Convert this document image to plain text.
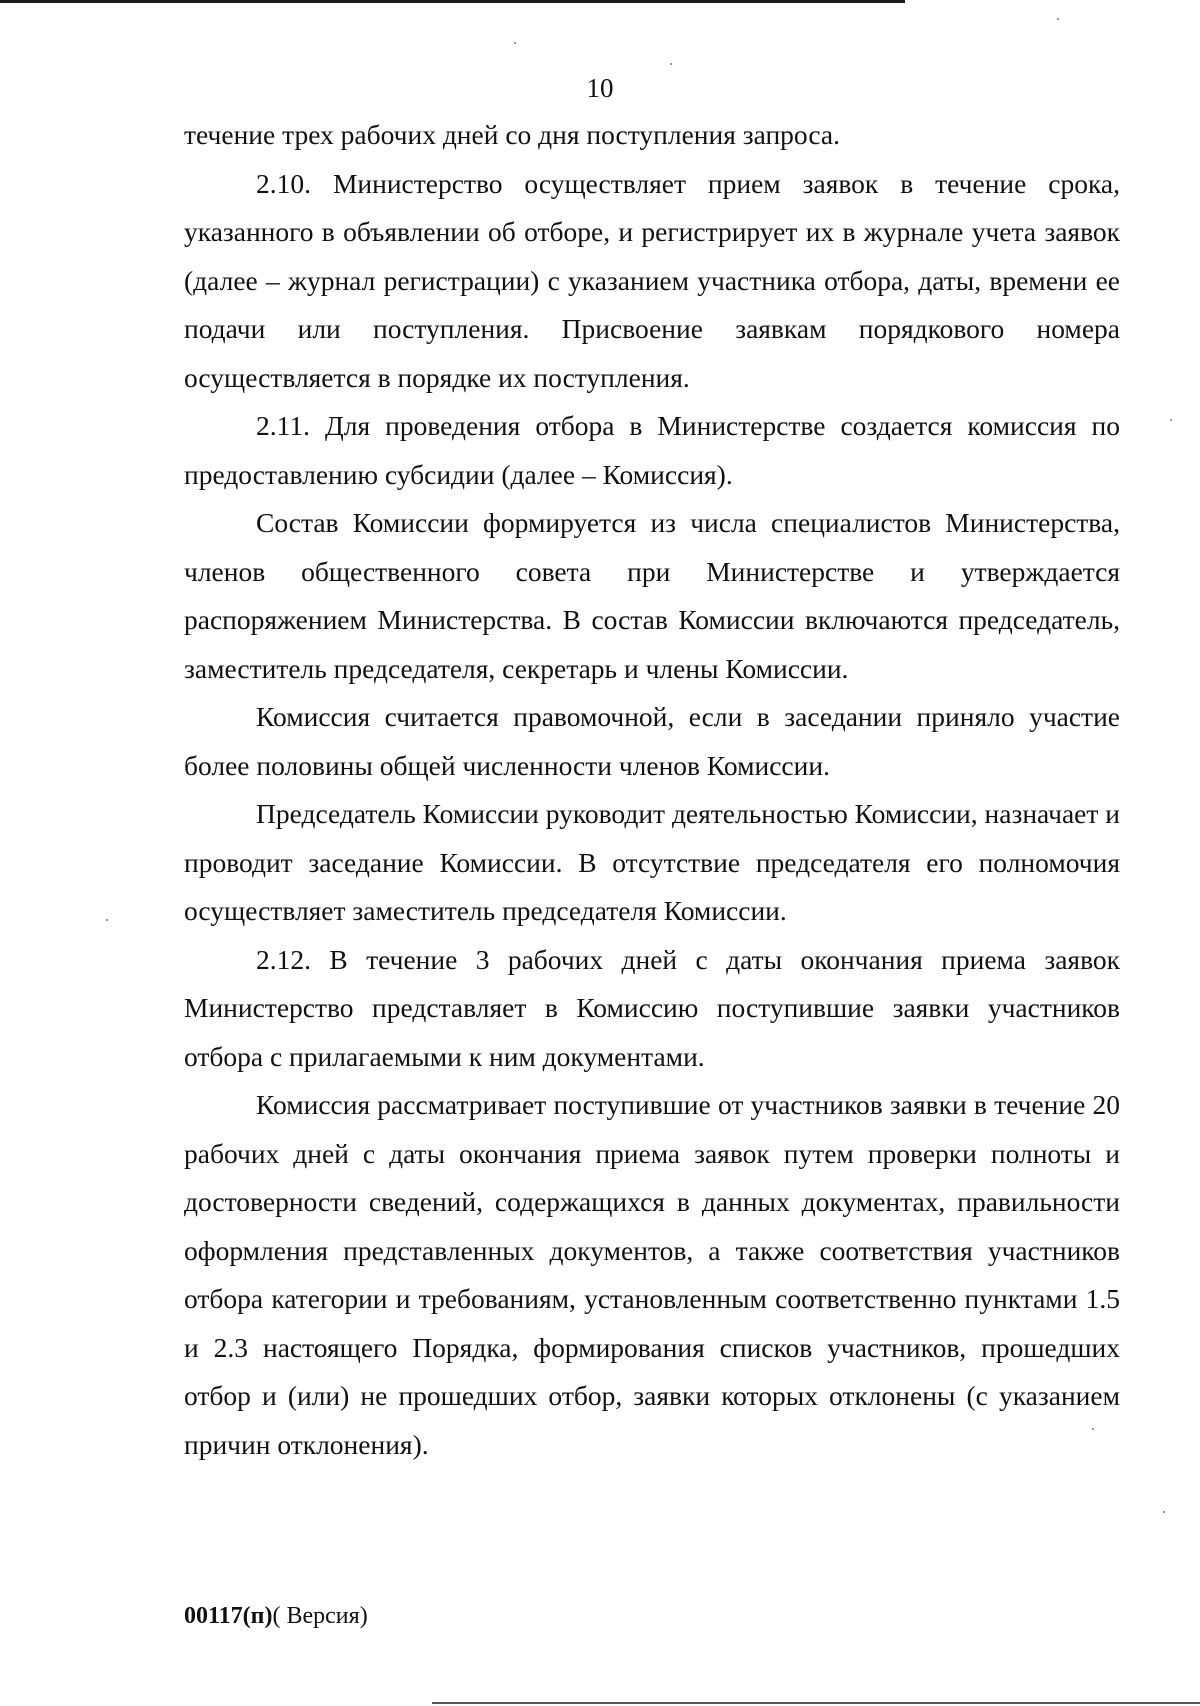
10

течение трех рабочих дней со дня поступления запроса.

2.10. Министерство осуществляет прием заявок в течение срока, указанного в объявлении об отборе, и регистрирует их в журнале учета заявок (далее – журнал регистрации) с указанием участника отбора, даты, времени ее подачи или поступления. Присвоение заявкам порядкового номера осуществляется в порядке их поступления.

2.11. Для проведения отбора в Министерстве создается комиссия по предоставлению субсидии (далее – Комиссия).

Состав Комиссии формируется из числа специалистов Министерства, членов общественного совета при Министерстве и утверждается распоряжением Министерства. В состав Комиссии включаются председатель, заместитель председателя, секретарь и члены Комиссии.

Комиссия считается правомочной, если в заседании приняло участие более половины общей численности членов Комиссии.

Председатель Комиссии руководит деятельностью Комиссии, назначает и проводит заседание Комиссии. В отсутствие председателя его полномочия осуществляет заместитель председателя Комиссии.

2.12. В течение 3 рабочих дней с даты окончания приема заявок Министерство представляет в Комиссию поступившие заявки участников отбора с прилагаемыми к ним документами.

Комиссия рассматривает поступившие от участников заявки в течение 20 рабочих дней с даты окончания приема заявок путем проверки полноты и достоверности сведений, содержащихся в данных документах, правильности оформления представленных документов, а также соответствия участников отбора категории и требованиям, установленным соответственно пунктами 1.5 и 2.3 настоящего Порядка, формирования списков участников, прошедших отбор и (или) не прошедших отбор, заявки которых отклонены (с указанием причин отклонения).

00117(п)( Версия)
